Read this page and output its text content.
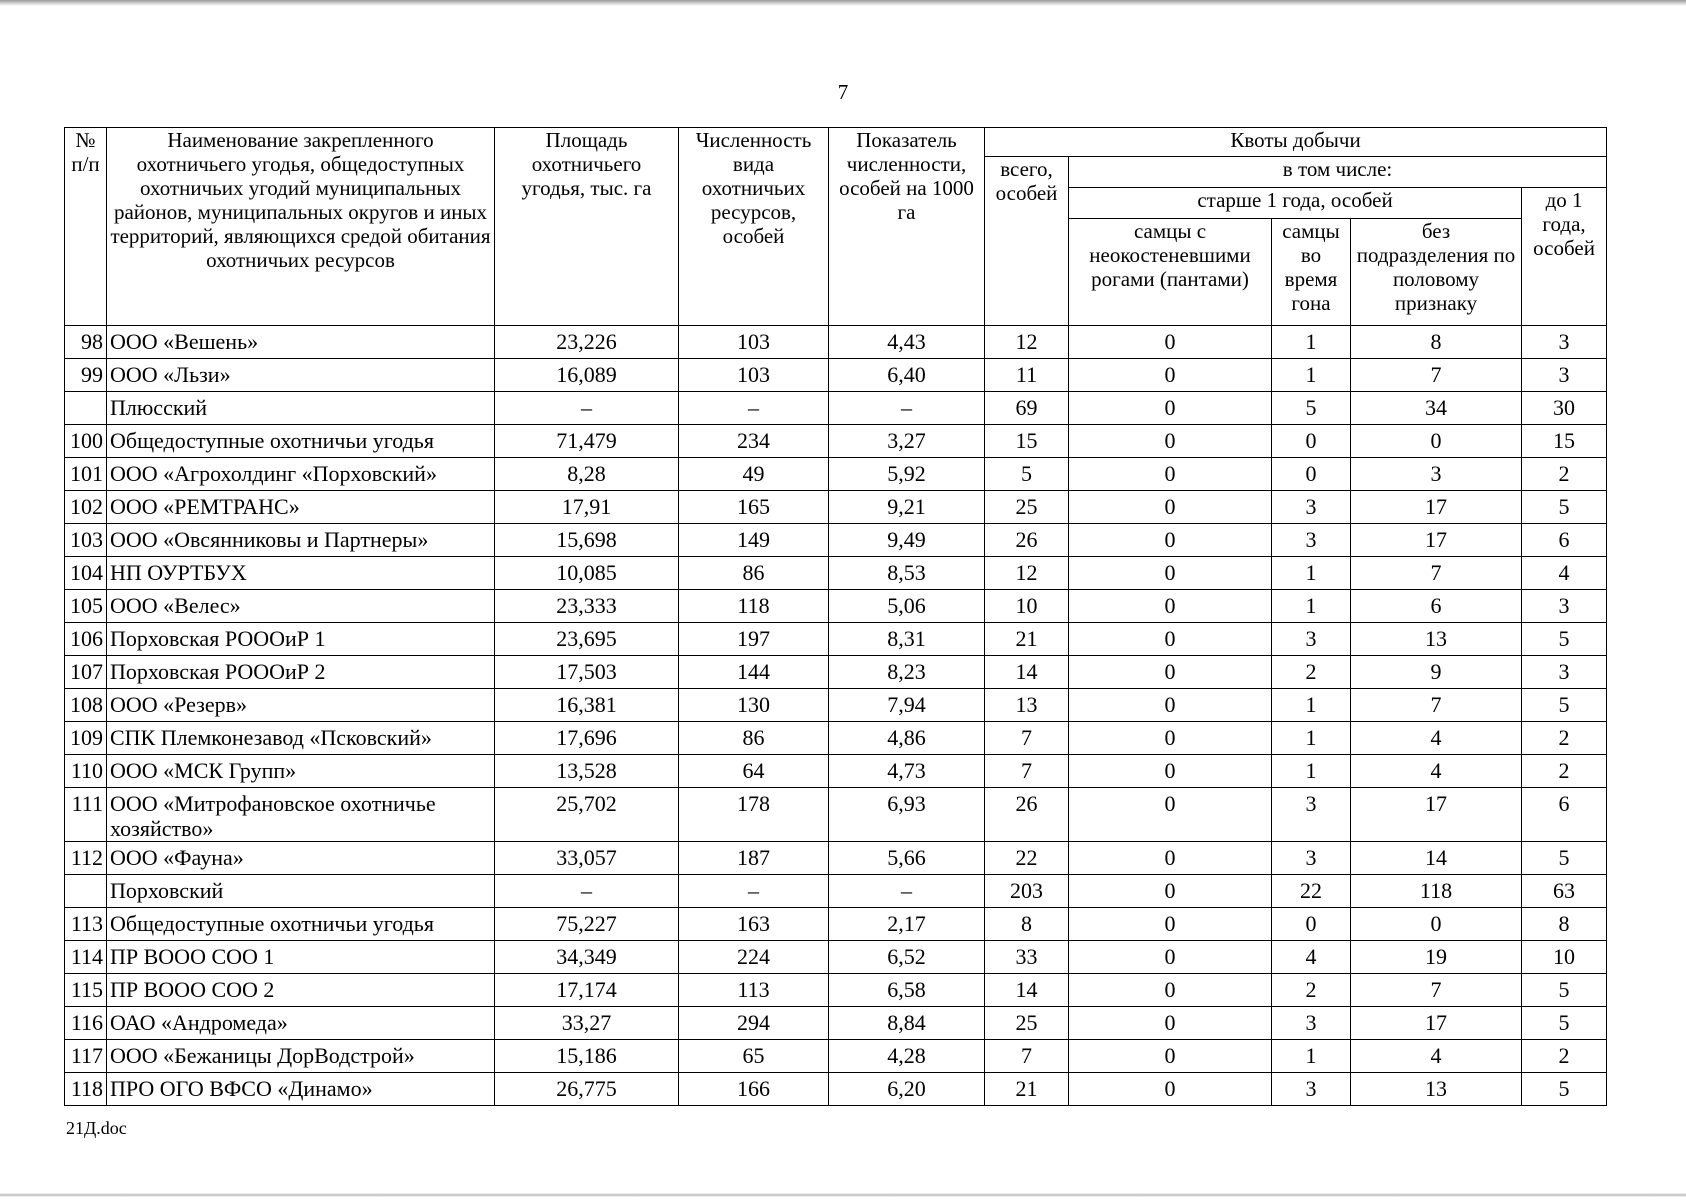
7
№ п/п	Наименование закрепленного охотничьего угодья, общедоступных охотничьих угодий муниципальных районов, муниципальных округов и иных территорий, являющихся средой обитания охотничьих ресурсов	Площадь охотничьего угодья, тыс. га	Численность вида охотничьих ресурсов, особей	Показатель численности, особей на 1000 га	Квоты добычи				
					всего, особей	в том числе:			
						старше 1 года, особей			до 1 года, особей
						самцы с неокостеневшими рогами (пантами)	самцы во время гона	без подразделения по половому признаку	
98	ООО «Вешень»	23,226	103	4,43	12	0	1	8	3
99	ООО «Льзи»	16,089	103	6,40	11	0	1	7	3
	Плюсский	–	–	–	69	0	5	34	30
100	Общедоступные охотничьи угодья	71,479	234	3,27	15	0	0	0	15
101	ООО «Агрохолдинг «Порховский»	8,28	49	5,92	5	0	0	3	2
102	ООО «РЕМТРАНС»	17,91	165	9,21	25	0	3	17	5
103	ООО «Овсянниковы и Партнеры»	15,698	149	9,49	26	0	3	17	6
104	НП ОУРТБУХ	10,085	86	8,53	12	0	1	7	4
105	ООО «Велес»	23,333	118	5,06	10	0	1	6	3
106	Порховская РОООиР 1	23,695	197	8,31	21	0	3	13	5
107	Порховская РОООиР 2	17,503	144	8,23	14	0	2	9	3
108	ООО «Резерв»	16,381	130	7,94	13	0	1	7	5
109	СПК Племконезавод «Псковский»	17,696	86	4,86	7	0	1	4	2
110	ООО «МСК Групп»	13,528	64	4,73	7	0	1	4	2
111	ООО «Митрофановское охотничье хозяйство»	25,702	178	6,93	26	0	3	17	6
112	ООО «Фауна»	33,057	187	5,66	22	0	3	14	5
	Порховский	–	–	–	203	0	22	118	63
113	Общедоступные охотничьи угодья	75,227	163	2,17	8	0	0	0	8
114	ПР ВООО СОО 1	34,349	224	6,52	33	0	4	19	10
115	ПР ВООО СОО 2	17,174	113	6,58	14	0	2	7	5
116	ОАО «Андромеда»	33,27	294	8,84	25	0	3	17	5
117	ООО «Бежаницы ДорВодстрой»	15,186	65	4,28	7	0	1	4	2
118	ПРО ОГО ВФСО «Динамо»	26,775	166	6,20	21	0	3	13	5
21Д.doc
